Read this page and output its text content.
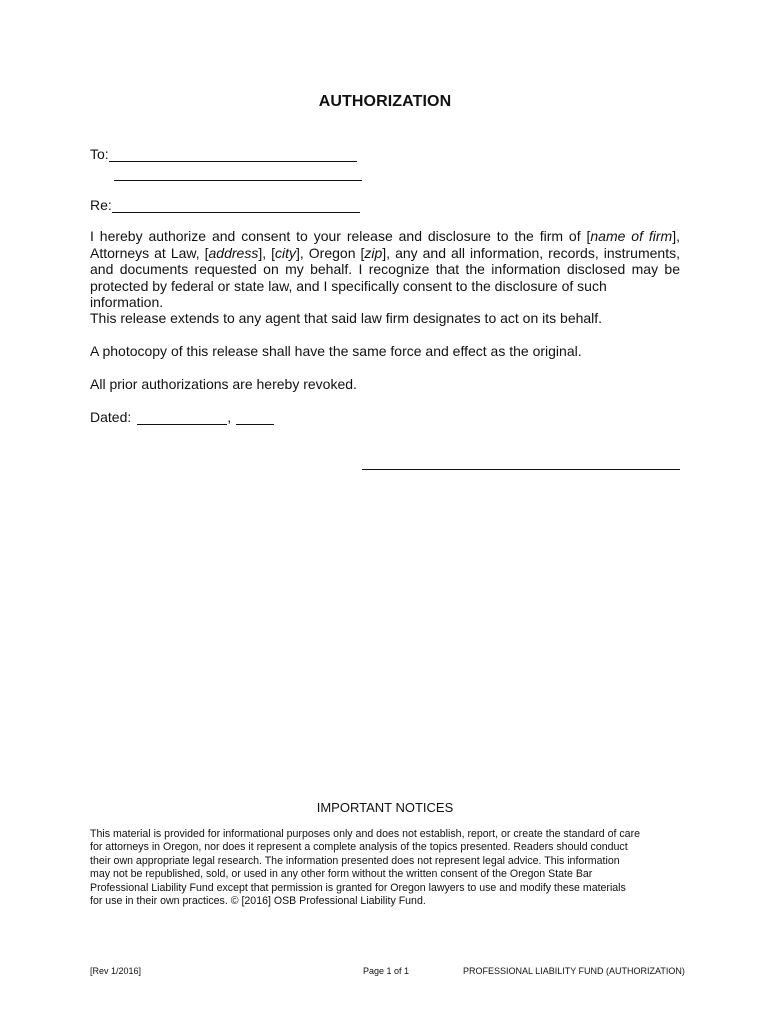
AUTHORIZATION
To:
Re:
I hereby authorize and consent to your release and disclosure to the firm of [name of firm],
Attorneys at Law, [address], [city], Oregon [zip], any and all information, records, instruments,
and documents requested on my behalf. I recognize that the information disclosed may be
protected by federal or state law, and I specifically consent to the disclosure of such information.
This release extends to any agent that said law firm designates to act on its behalf.
A photocopy of this release shall have the same force and effect as the original.
All prior authorizations are hereby revoked.
Dated:	,
IMPORTANT NOTICES
This material is provided for informational purposes only and does not establish, report, or create the standard of care
for attorneys in Oregon, nor does it represent a complete analysis of the topics presented. Readers should conduct
their own appropriate legal research. The information presented does not represent legal advice. This information
may not be republished, sold, or used in any other form without the written consent of the Oregon State Bar
Professional Liability Fund except that permission is granted for Oregon lawyers to use and modify these materials
for use in their own practices. © [2016] OSB Professional Liability Fund.
[Rev 1/2016]	Page 1 of 1	PROFESSIONAL LIABILITY FUND (AUTHORIZATION)
